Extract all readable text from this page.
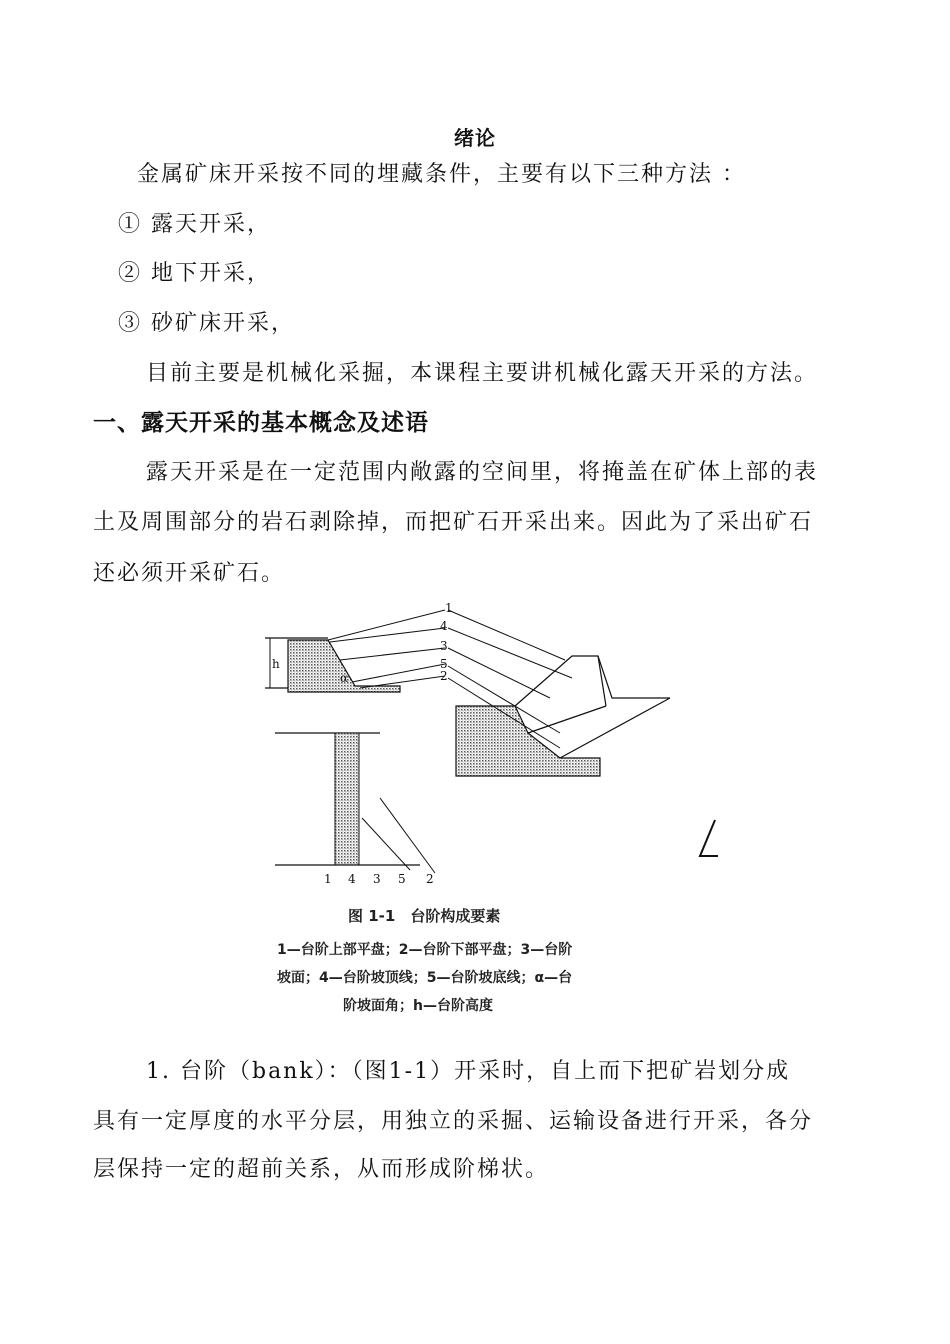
绪论

金属矿床开采按不同的埋藏条件，主要有以下三种方法 ：

① 露天开采，

② 地下开采，

③ 砂矿床开采，

目前主要是机械化采掘，本课程主要讲机械化露天开采的方法。

一、露天开采的基本概念及述语

露天开采是在一定范围内敞露的空间里，将掩盖在矿体上部的表

土及周围部分的岩石剥除掉，而把矿石开采出来。因此为了采出矿石

还必须开采矿石。

h
α
1
4
3
5
2
1 4 3 5 2

图 1-1　台阶构成要素

1—台阶上部平盘；2—台阶下部平盘；3—台阶

坡面；4—台阶坡顶线；5—台阶坡底线；α—台

阶坡面角；h—台阶高度

1. 台阶（bank）：（图1-1）开采时，自上而下把矿岩划分成

具有一定厚度的水平分层，用独立的采掘、运输设备进行开采，各分

层保持一定的超前关系，从而形成阶梯状。
